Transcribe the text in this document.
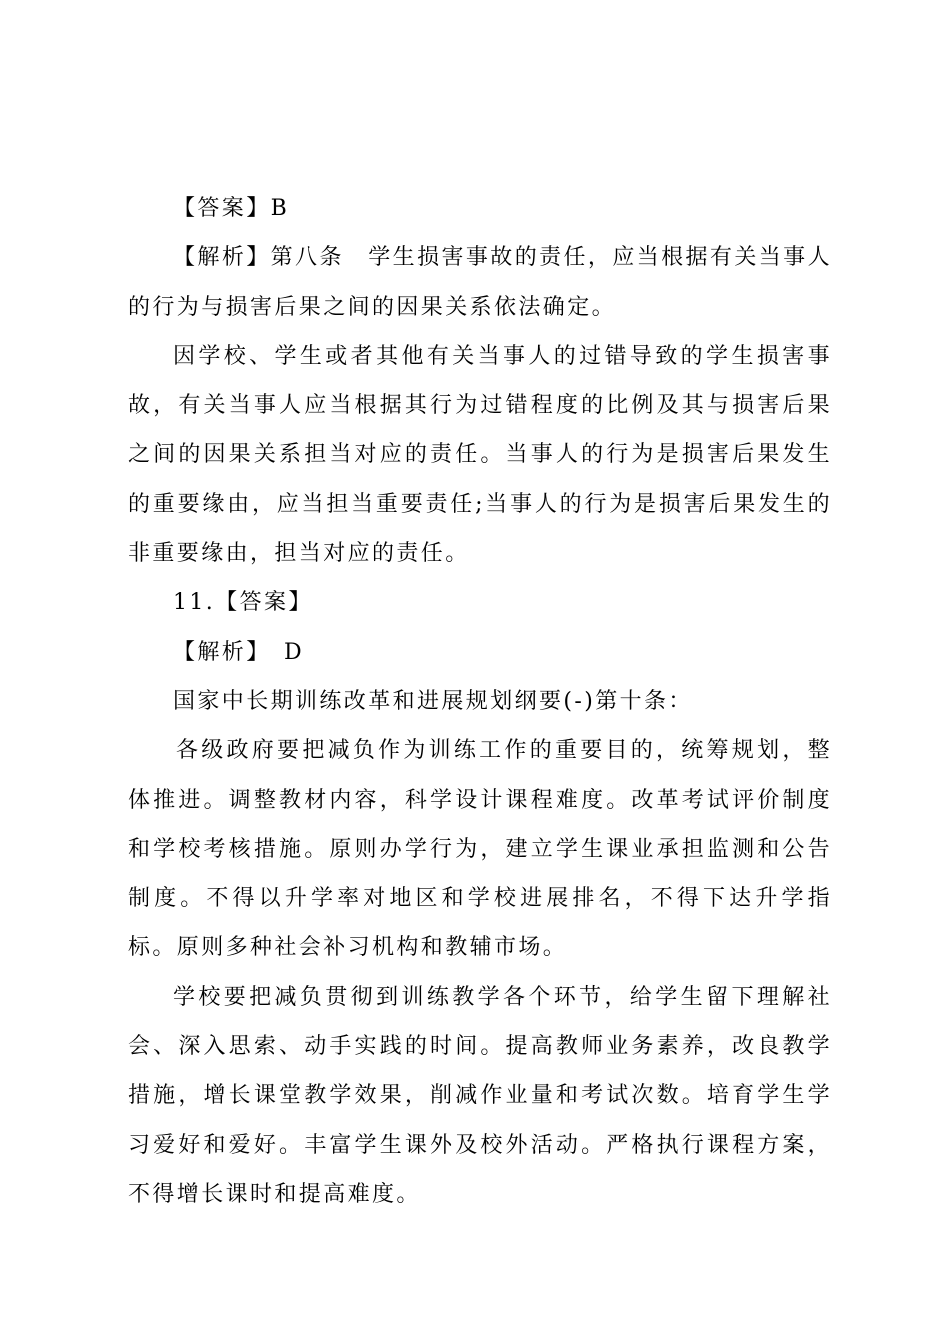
【答案】B

【解析】第八条　学生损害事故的责任，应当根据有关当事人的行为与损害后果之间的因果关系依法确定。

因学校、学生或者其他有关当事人的过错导致的学生损害事故，有关当事人应当根据其行为过错程度的比例及其与损害后果之间的因果关系担当对应的责任。当事人的行为是损害后果发生的重要缘由，应当担当重要责任;当事人的行为是损害后果发生的非重要缘由，担当对应的责任。

11.【答案】

【解析】　D

国家中长期训练改革和进展规划纲要(-)第十条：

各级政府要把减负作为训练工作的重要目的，统筹规划，整体推进。调整教材内容，科学设计课程难度。改革考试评价制度和学校考核措施。原则办学行为，建立学生课业承担监测和公告制度。不得以升学率对地区和学校进展排名，不得下达升学指标。原则多种社会补习机构和教辅市场。

学校要把减负贯彻到训练教学各个环节，给学生留下理解社会、深入思索、动手实践的时间。提高教师业务素养，改良教学措施，增长课堂教学效果，削减作业量和考试次数。培育学生学习爱好和爱好。丰富学生课外及校外活动。严格执行课程方案，不得增长课时和提高难度。
